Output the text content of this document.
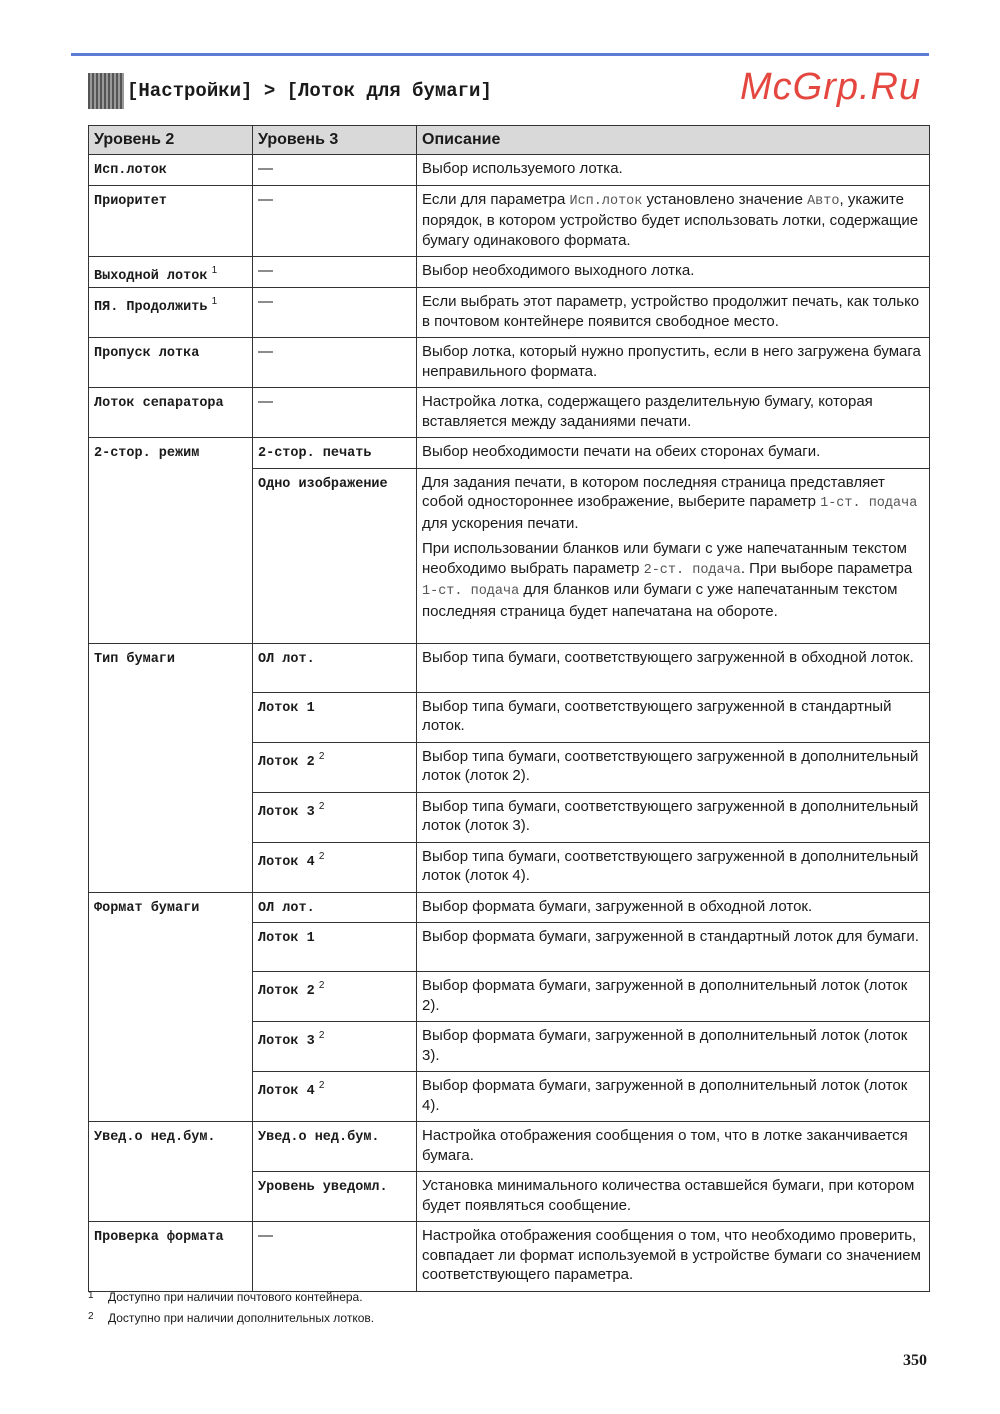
[Настройки] > [Лоток для бумаги]
Уровень 2	Уровень 3	Описание
Исп.лоток	—	Выбор используемого лотка.

Приоритет	—	Если для параметра Исп.лоток установлено значение Авто, укажите порядок, в котором устройство будет использовать лотки, содержащие бумагу одинакового формата.

Выходной лоток $^1$	—	Выбор необходимого выходного лотка.

ПЯ. Продолжить $^1$	—	Если выбрать этот параметр, устройство продолжит печать, как только в почтовом контейнере появится свободное место.

Пропуск лотка	—	Выбор лотка, который нужно пропустить, если в него загружена бумага неправильного формата.

Лоток сепаратора	—	Настройка лотка, содержащего разделительную бумагу, которая вставляется между заданиями печати.

2-стор. режим	2-стор. печать	Выбор необходимости печати на обеих сторонах бумаги.

	Одно изображение	Для задания печати, в котором последняя страница представляет собой одностороннее изображение, выберите параметр 1-ст. подача для ускорения печати.

При использовании бланков или бумаги с уже напечатанным текстом необходимо выбрать параметр 2-ст. подача. При выборе параметра 1-ст. подача для бланков или бумаги с уже напечатанным текстом последняя страница будет напечатана на обороте.

Тип бумаги	ОЛ лот.	Выбор типа бумаги, соответствующего загруженной в обходной лоток.

	Лоток 1	Выбор типа бумаги, соответствующего загруженной в стандартный лоток.

	Лоток 2 $^2$	Выбор типа бумаги, соответствующего загруженной в дополнительный лоток (лоток 2).

	Лоток 3 $^2$	Выбор типа бумаги, соответствующего загруженной в дополнительный лоток (лоток 3).

	Лоток 4 $^2$	Выбор типа бумаги, соответствующего загруженной в дополнительный лоток (лоток 4).

Формат бумаги	ОЛ лот.	Выбор формата бумаги, загруженной в обходной лоток.

	Лоток 1	Выбор формата бумаги, загруженной в стандартный лоток для бумаги.

	Лоток 2 $^2$	Выбор формата бумаги, загруженной в дополнительный лоток (лоток 2).

	Лоток 3 $^2$	Выбор формата бумаги, загруженной в дополнительный лоток (лоток 3).

	Лоток 4 $^2$	Выбор формата бумаги, загруженной в дополнительный лоток (лоток 4).

Увед.о нед.бум.	Увед.о нед.бум.	Настройка отображения сообщения о том, что в лотке заканчивается бумага.

	Уровень уведомл.	Установка минимального количества оставшейся бумаги, при котором будет появляться сообщение.

Проверка формата	—	Настройка отображения сообщения о том, что необходимо проверить, совпадает ли формат используемой в устройстве бумаги со значением соответствующего параметра.

1 Доступно при наличии почтового контейнера.
2 Доступно при наличии дополнительных лотков.
350
McGrp.Ru
